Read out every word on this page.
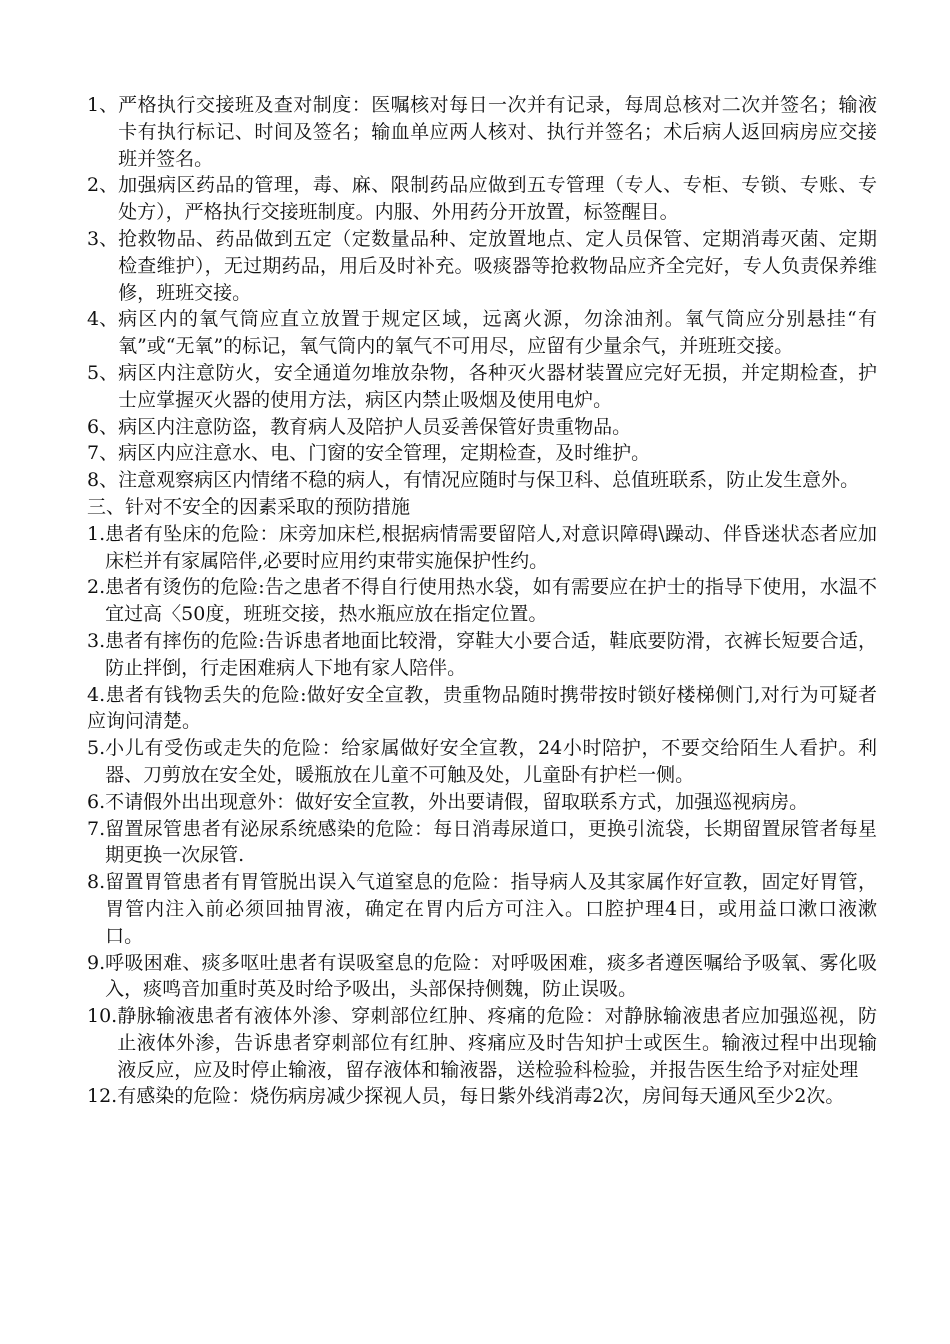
1、 严格执行交接班及查对制度：医嘱核对每日一次并有记录，每周总核对二次并签名；输液卡有执行标记、时间及签名；输血单应两人核对、执行并签名；术后病人返回病房应交接班并签名。
2、 加强病区药品的管理，毒、麻、限制药品应做到五专管理（专人、专柜、专锁、专账、专处方），严格执行交接班制度。内服、外用药分开放置，标签醒目。
3、 抢救物品、药品做到五定（定数量品种、定放置地点、定人员保管、定期消毒灭菌、定期检查维护），无过期药品，用后及时补充。吸痰器等抢救物品应齐全完好，专人负责保养维修，班班交接。
4、 病区内的氧气筒应直立放置于规定区域，远离火源，勿涂油剂。氧气筒应分别悬挂“有氧”或“无氧”的标记，氧气筒内的氧气不可用尽，应留有少量余气，并班班交接。
5、 病区内注意防火，安全通道勿堆放杂物，各种灭火器材装置应完好无损，并定期检查，护士应掌握灭火器的使用方法，病区内禁止吸烟及使用电炉。
6、 病区内注意防盗，教育病人及陪护人员妥善保管好贵重物品。
7、 病区内应注意水、电、门窗的安全管理，定期检查，及时维护。
8、 注意观察病区内情绪不稳的病人，有情况应随时与保卫科、总值班联系，防止发生意外。
三、针对不安全的因素采取的预防措施
1. 患者有坠床的危险：床旁加床栏,根据病情需要留陪人,对意识障碍\躁动、伴昏迷状态者应加床栏并有家属陪伴,必要时应用约束带实施保护性约。
2. 患者有烫伤的危险:告之患者不得自行使用热水袋，如有需要应在护士的指导下使用，水温不宜过高〈50度，班班交接，热水瓶应放在指定位置。
3. 患者有摔伤的危险:告诉患者地面比较滑，穿鞋大小要合适，鞋底要防滑，衣裤长短要合适，防止拌倒，行走困难病人下地有家人陪伴。
4.患者有钱物丢失的危险:做好安全宣教，贵重物品随时携带按时锁好楼梯侧门,对行为可疑者应询问清楚。
5. 小儿有受伤或走失的危险：给家属做好安全宣教，24小时陪护，不要交给陌生人看护。利器、刀剪放在安全处，暖瓶放在儿童不可触及处，儿童卧有护栏一侧。
6. 不请假外出出现意外：做好安全宣教，外出要请假，留取联系方式，加强巡视病房。
7. 留置尿管患者有泌尿系统感染的危险：每日消毒尿道口，更换引流袋，长期留置尿管者每星期更换一次尿管.
8. 留置胃管患者有胃管脱出误入气道窒息的危险：指导病人及其家属作好宣教，固定好胃管，胃管内注入前必须回抽胃液，确定在胃内后方可注入。口腔护理4日，或用益口漱口液漱口。
9. 呼吸困难、痰多呕吐患者有误吸窒息的危险：对呼吸困难，痰多者遵医嘱给予吸氧、雾化吸入，痰鸣音加重时英及时给予吸出，头部保持侧魏，防止误吸。
10. 静脉输液患者有液体外渗、穿刺部位红肿、疼痛的危险：对静脉输液患者应加强巡视，防止液体外渗，告诉患者穿刺部位有红肿、疼痛应及时告知护士或医生。输液过程中出现输液反应，应及时停止输液，留存液体和输液器，送检验科检验，并报告医生给予对症处理
12. 有感染的危险：烧伤病房减少探视人员，每日紫外线消毒2次，房间每天通风至少2次。
